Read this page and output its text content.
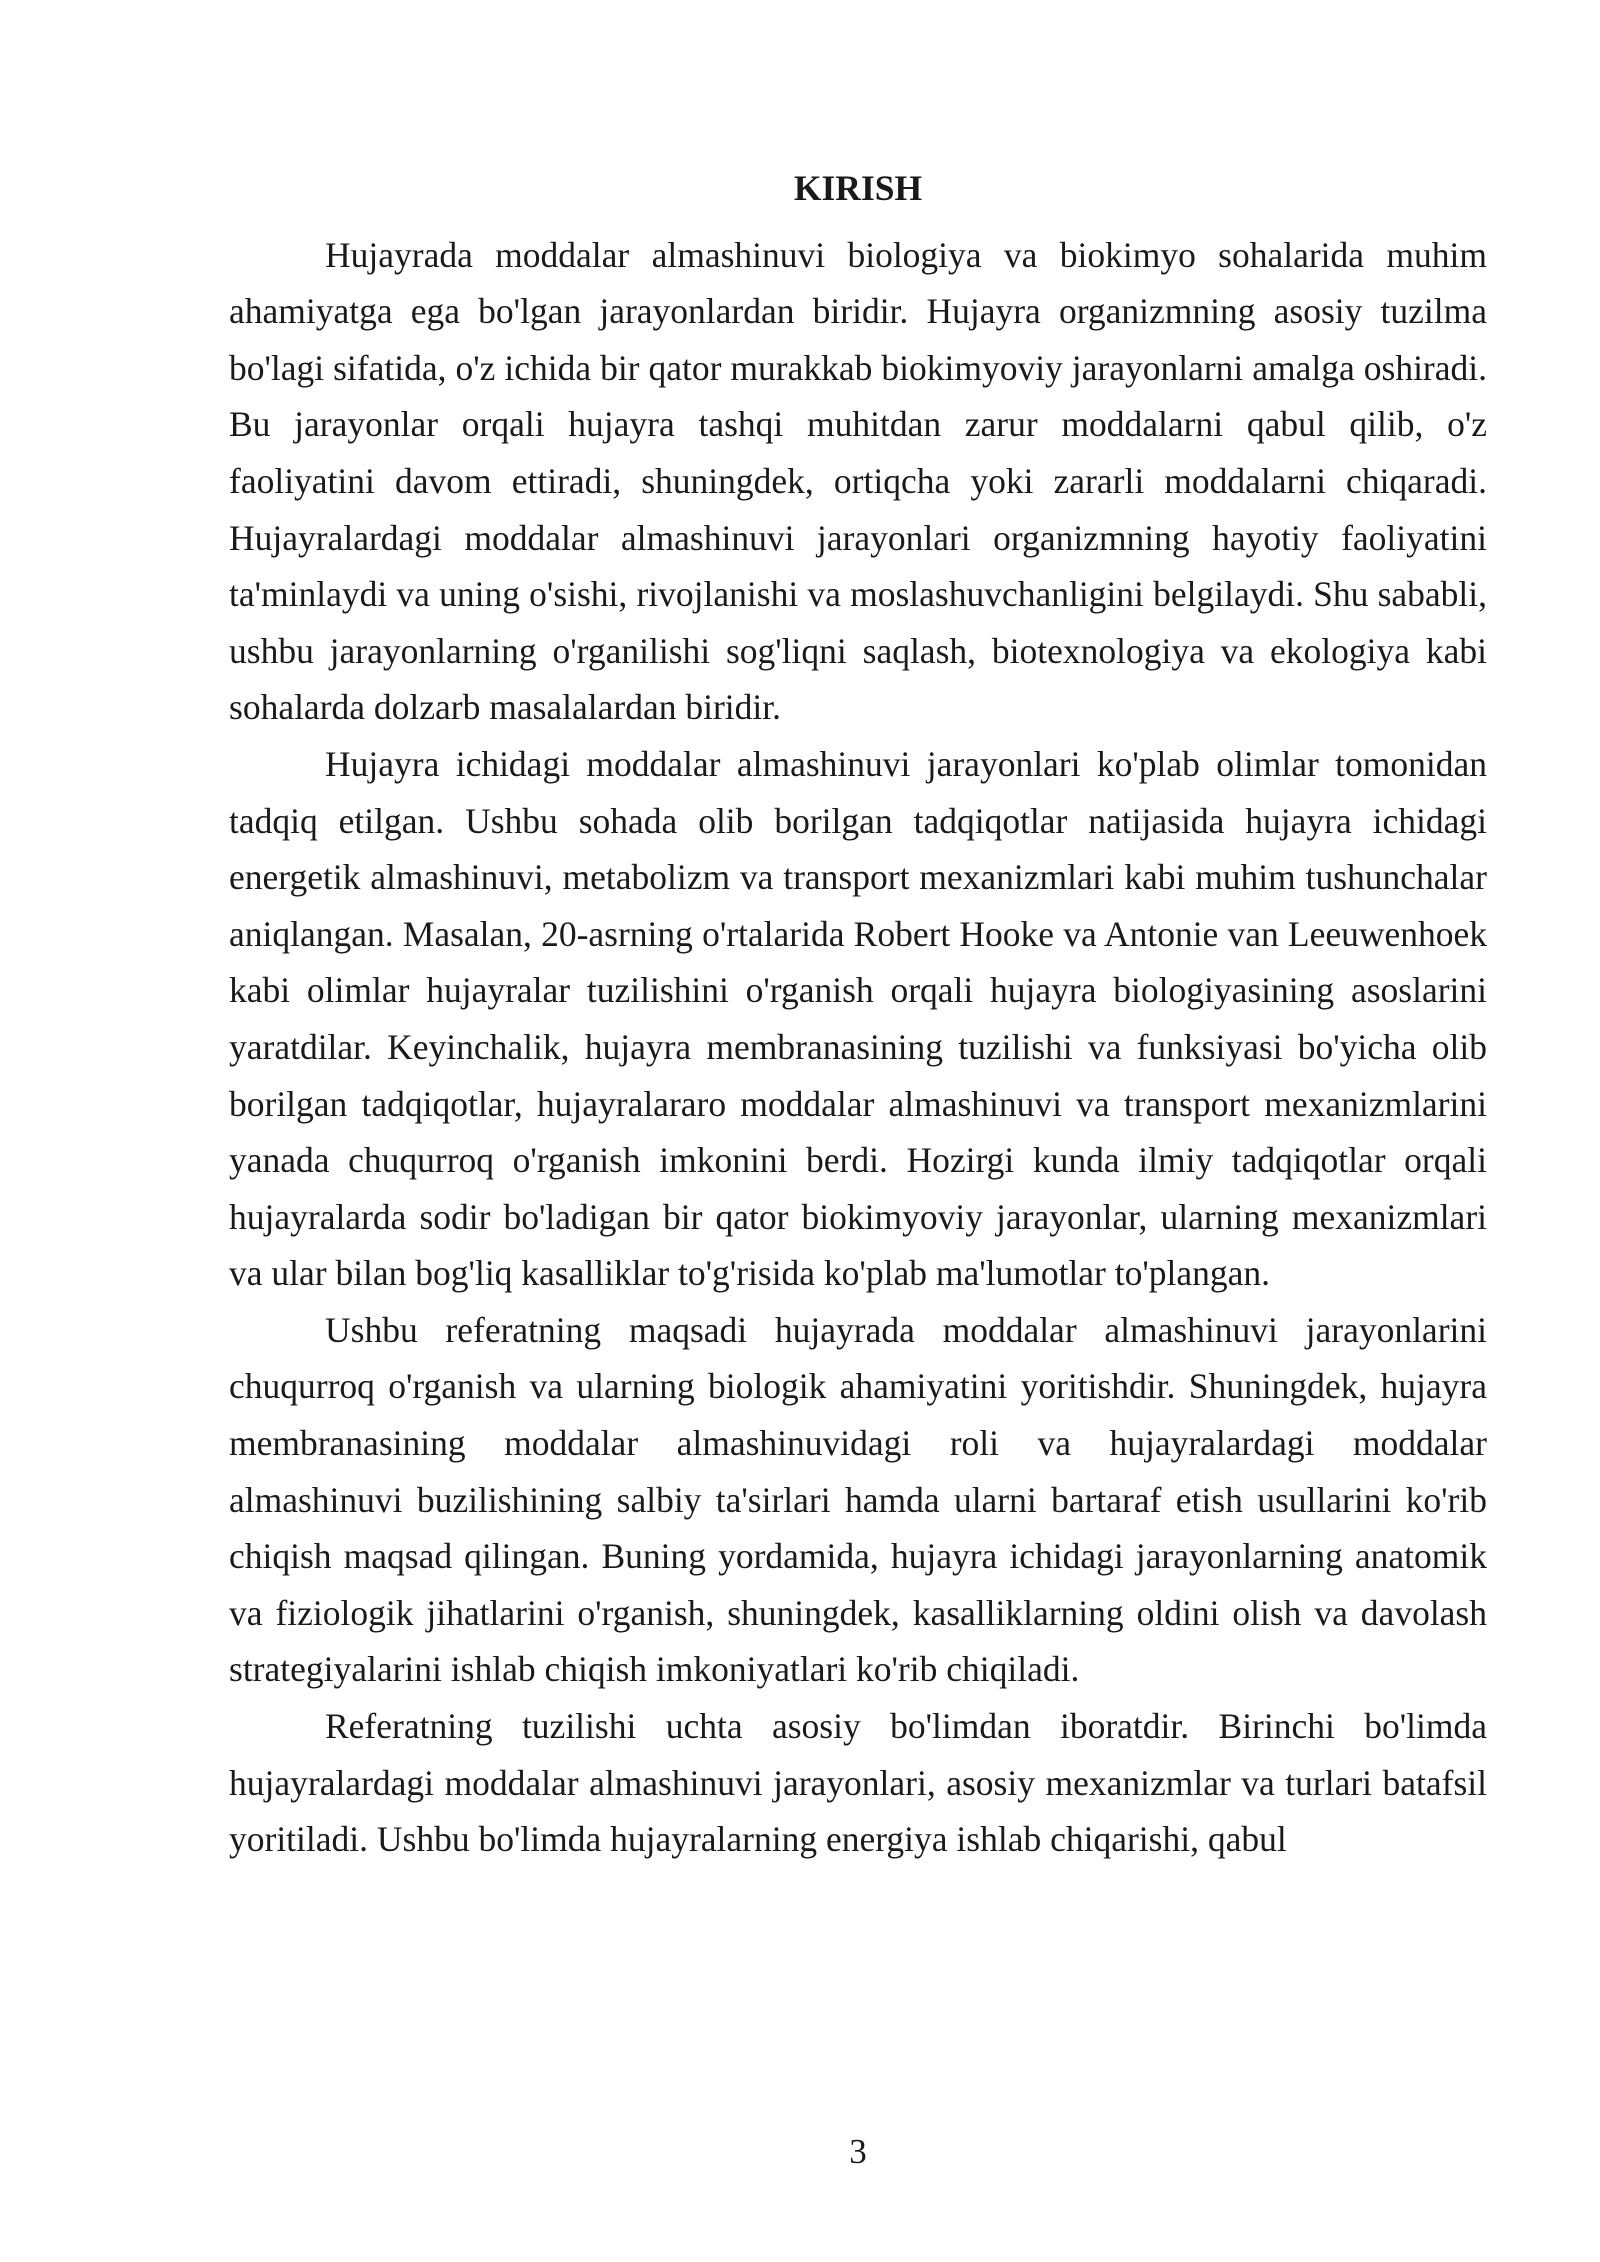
KIRISH

Hujayrada moddalar almashinuvi biologiya va biokimyo sohalarida muhim ahamiyatga ega bo'lgan jarayonlardan biridir. Hujayra organizmning asosiy tuzilma bo'lagi sifatida, o'z ichida bir qator murakkab biokimyoviy jarayonlarni amalga oshiradi. Bu jarayonlar orqali hujayra tashqi muhitdan zarur moddalarni qabul qilib, o'z faoliyatini davom ettiradi, shuningdek, ortiqcha yoki zararli moddalarni chiqaradi. Hujayralardagi moddalar almashinuvi jarayonlari organizmning hayotiy faoliyatini ta'minlaydi va uning o'sishi, rivojlanishi va moslashuvchanligini belgilaydi. Shu sababli, ushbu jarayonlarning o'rganilishi sog'liqni saqlash, biotexnologiya va ekologiya kabi sohalarda dolzarb masalalardan biridir.

Hujayra ichidagi moddalar almashinuvi jarayonlari ko'plab olimlar tomonidan tadqiq etilgan. Ushbu sohada olib borilgan tadqiqotlar natijasida hujayra ichidagi energetik almashinuvi, metabolizm va transport mexanizmlari kabi muhim tushunchalar aniqlangan. Masalan, 20-asrning o'rtalarida Robert Hooke va Antonie van Leeuwenhoek kabi olimlar hujayralar tuzilishini o'rganish orqali hujayra biologiyasining asoslarini yaratdilar. Keyinchalik, hujayra membranasining tuzilishi va funksiyasi bo'yicha olib borilgan tadqiqotlar, hujayralararo moddalar almashinuvi va transport mexanizmlarini yanada chuqurroq o'rganish imkonini berdi. Hozirgi kunda ilmiy tadqiqotlar orqali hujayralarda sodir bo'ladigan bir qator biokimyoviy jarayonlar, ularning mexanizmlari va ular bilan bog'liq kasalliklar to'g'risida ko'plab ma'lumotlar to'plangan.

Ushbu referatning maqsadi hujayrada moddalar almashinuvi jarayonlarini chuqurroq o'rganish va ularning biologik ahamiyatini yoritishdir. Shuningdek, hujayra membranasining moddalar almashinuvidagi roli va hujayralardagi moddalar almashinuvi buzilishining salbiy ta'sirlari hamda ularni bartaraf etish usullarini ko'rib chiqish maqsad qilingan. Buning yordamida, hujayra ichidagi jarayonlarning anatomik va fiziologik jihatlarini o'rganish, shuningdek, kasalliklarning oldini olish va davolash strategiyalarini ishlab chiqish imkoniyatlari ko'rib chiqiladi.

Referatning tuzilishi uchta asosiy bo'limdan iboratdir. Birinchi bo'limda hujayralardagi moddalar almashinuvi jarayonlari, asosiy mexanizmlar va turlari batafsil yoritiladi. Ushbu bo'limda hujayralarning energiya ishlab chiqarishi, qabul

3
